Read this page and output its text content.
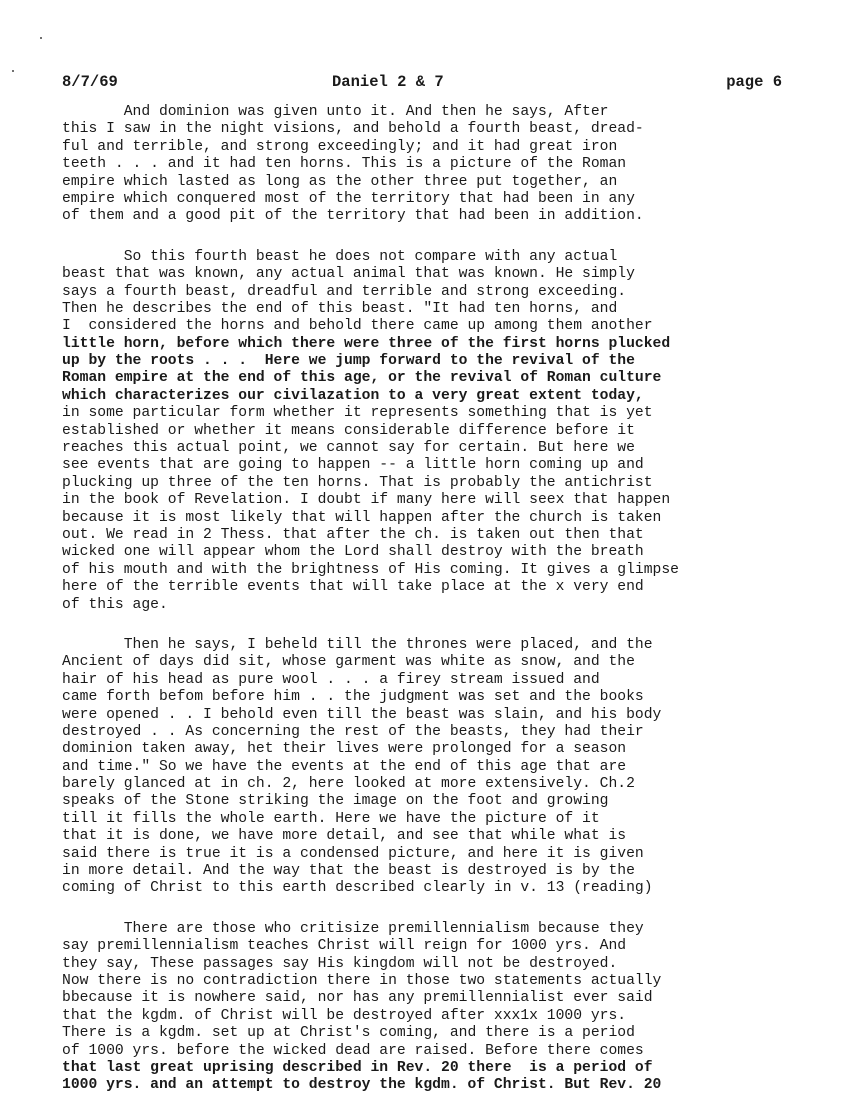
8/7/69	Daniel 2 & 7	page 6
And dominion was given unto it. And then he says, After
this I saw in the night visions, and behold a fourth beast, dread-
ful and terrible, and strong exceedingly; and it had great iron
teeth . . . and it had ten horns. This is a picture of the Roman
empire which lasted as long as the other three put together, an
empire which conquered most of the territory that had been in any
of them and a good pit of the territory that had been in addition.
So this fourth beast he does not compare with any actual
beast that was known, any actual animal that was known. He simply
says a fourth beast, dreadful and terrible and strong exceeding.
Then he describes the end of this beast. "It had ten horns, and
I  considered the horns and behold there came up among them another
little horn, before which there were three of the first horns plucked
up by the roots . . .  Here we jump forward to the revival of the
Roman empire at the end of this age, or the revival of Roman culture
which characterizes our civilazation to a very great extent today,
in some particular form whether it represents something that is yet
established or whether it means considerable difference before it
reaches this actual point, we cannot say for certain. But here we
see events that are going to happen -- a little horn coming up and
plucking up three of the ten horns. That is probably the antichrist
in the book of Revelation. I doubt if many here will seex that happen
because it is most likely that will happen after the church is taken
out. We read in 2 Thess. that after the ch. is taken out then that
wicked one will appear whom the Lord shall destroy with the breath
of his mouth and with the brightness of His coming. It gives a glimpse
here of the terrible events that will take place at the x very end
of this age.
Then he says, I beheld till the thrones were placed, and the
Ancient of days did sit, whose garment was white as snow, and the
hair of his head as pure wool . . . a firey stream issued and
came forth befom before him . . the judgment was set and the books
were opened . . I behold even till the beast was slain, and his body
destroyed . . As concerning the rest of the beasts, they had their
dominion taken away, het their lives were prolonged for a season
and time." So we have the events at the end of this age that are
barely glanced at in ch. 2, here looked at more extensively. Ch.2
speaks of the Stone striking the image on the foot and growing
till it fills the whole earth. Here we have the picture of it
that it is done, we have more detail, and see that while what is
said there is true it is a condensed picture, and here it is given
in more detail. And the way that the beast is destroyed is by the
coming of Christ to this earth described clearly in v. 13 (reading)
There are those who critisize premillennialism because they
say premillennialism teaches Christ will reign for 1000 yrs. And
they say, These passages say His kingdom will not be destroyed.
Now there is no contradiction there in those two statements actually
bbecause it is nowhere said, nor has any premillennialist ever said
that the kgdm. of Christ will be destroyed after xxx1x 1000 yrs.
There is a kgdm. set up at Christ's coming, and there is a period
of 1000 yrs. before the wicked dead are raised. Before there comes
that last great uprising described in Rev. 20 there  is a period of
1000 yrs. and an attempt to destroy the kgdm. of Christ. But Rev. 20
